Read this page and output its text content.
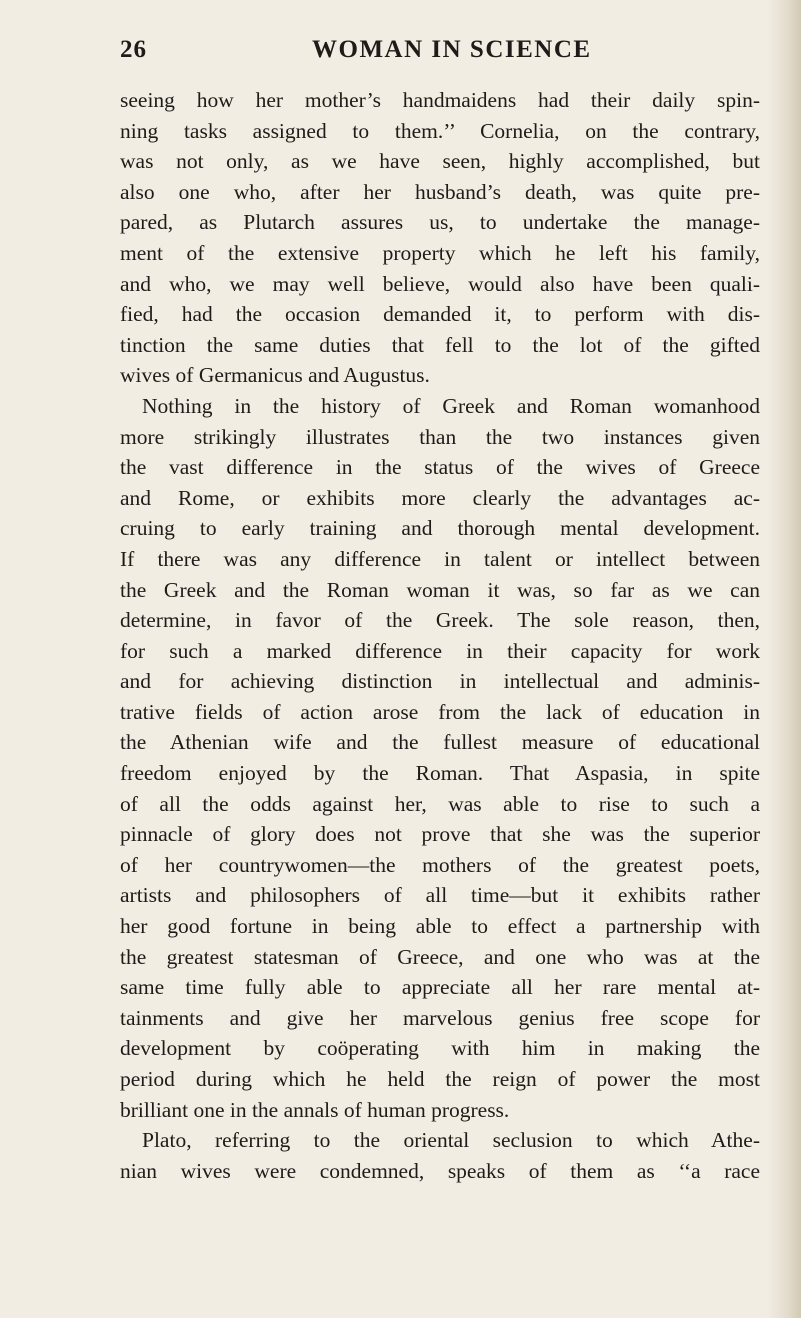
26	WOMAN IN SCIENCE
seeing how her mother’s handmaidens had their daily spin-
ning tasks assigned to them.’’ Cornelia, on the contrary,
was not only, as we have seen, highly accomplished, but
also one who, after her husband’s death, was quite pre-
pared, as Plutarch assures us, to undertake the manage-
ment of the extensive property which he left his family,
and who, we may well believe, would also have been quali-
fied, had the occasion demanded it, to perform with dis-
tinction the same duties that fell to the lot of the gifted
wives of Germanicus and Augustus.
Nothing in the history of Greek and Roman womanhood
more strikingly illustrates than the two instances given
the vast difference in the status of the wives of Greece
and Rome, or exhibits more clearly the advantages ac-
cruing to early training and thorough mental development.
If there was any difference in talent or intellect between
the Greek and the Roman woman it was, so far as we can
determine, in favor of the Greek. The sole reason, then,
for such a marked difference in their capacity for work
and for achieving distinction in intellectual and adminis-
trative fields of action arose from the lack of education in
the Athenian wife and the fullest measure of educational
freedom enjoyed by the Roman. That Aspasia, in spite
of all the odds against her, was able to rise to such a
pinnacle of glory does not prove that she was the superior
of her countrywomen—the mothers of the greatest poets,
artists and philosophers of all time—but it exhibits rather
her good fortune in being able to effect a partnership with
the greatest statesman of Greece, and one who was at the
same time fully able to appreciate all her rare mental at-
tainments and give her marvelous genius free scope for
development by coöperating with him in making the
period during which he held the reign of power the most
brilliant one in the annals of human progress.
Plato, referring to the oriental seclusion to which Athe-
nian wives were condemned, speaks of them as ‘‘a race
